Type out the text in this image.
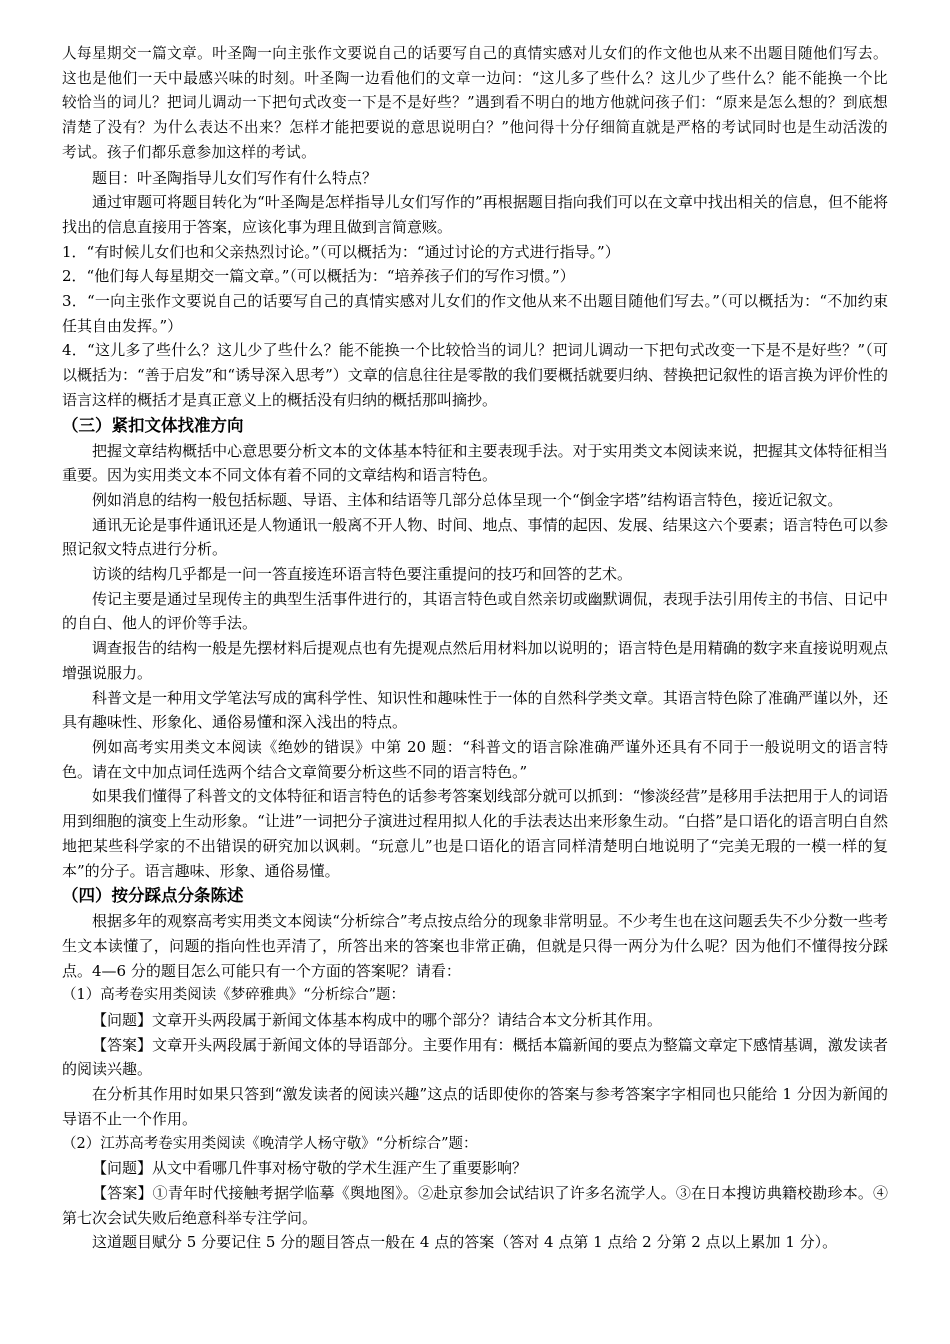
人每星期交一篇文章。叶圣陶一向主张作文要说自己的话要写自己的真情实感对儿女们的作文他也从来不出题目随他们写去。这也是他们一天中最感兴味的时刻。叶圣陶一边看他们的文章一边问：“这儿多了些什么？这儿少了些什么？能不能换一个比较恰当的词儿？把词儿调动一下把句式改变一下是不是好些？”遇到看不明白的地方他就问孩子们：“原来是怎么想的？到底想清楚了没有？为什么表达不出来？怎样才能把要说的意思说明白？”他问得十分仔细简直就是严格的考试同时也是生动活泼的考试。孩子们都乐意参加这样的考试。

题目：叶圣陶指导儿女们写作有什么特点？

通过审题可将题目转化为“叶圣陶是怎样指导儿女们写作的”再根据题目指向我们可以在文章中找出相关的信息，但不能将找出的信息直接用于答案，应该化事为理且做到言简意赅。

1．“有时候儿女们也和父亲热烈讨论。”（可以概括为：“通过讨论的方式进行指导。”）

2．“他们每人每星期交一篇文章。”（可以概括为：“培养孩子们的写作习惯。”）

3．“一向主张作文要说自己的话要写自己的真情实感对儿女们的作文他从来不出题目随他们写去。”（可以概括为：“不加约束任其自由发挥。”）

4．“这儿多了些什么？这儿少了些什么？能不能换一个比较恰当的词儿？把词儿调动一下把句式改变一下是不是好些？”（可以概括为：“善于启发”和“诱导深入思考”）文章的信息往往是零散的我们要概括就要归纳、替换把记叙性的语言换为评价性的语言这样的概括才是真正意义上的概括没有归纳的概括那叫摘抄。

（三）紧扣文体找准方向

把握文章结构概括中心意思要分析文本的文体基本特征和主要表现手法。对于实用类文本阅读来说，把握其文体特征相当重要。因为实用类文本不同文体有着不同的文章结构和语言特色。

例如消息的结构一般包括标题、导语、主体和结语等几部分总体呈现一个“倒金字塔”结构语言特色，接近记叙文。

通讯无论是事件通讯还是人物通讯一般离不开人物、时间、地点、事情的起因、发展、结果这六个要素；语言特色可以参照记叙文特点进行分析。

访谈的结构几乎都是一问一答直接连环语言特色要注重提问的技巧和回答的艺术。

传记主要是通过呈现传主的典型生活事件进行的，其语言特色或自然亲切或幽默调侃，表现手法引用传主的书信、日记中的自白、他人的评价等手法。

调查报告的结构一般是先摆材料后提观点也有先提观点然后用材料加以说明的；语言特色是用精确的数字来直接说明观点增强说服力。

科普文是一种用文学笔法写成的寓科学性、知识性和趣味性于一体的自然科学类文章。其语言特色除了准确严谨以外，还具有趣味性、形象化、通俗易懂和深入浅出的特点。

例如高考实用类文本阅读《绝妙的错误》中第 20 题：“科普文的语言除准确严谨外还具有不同于一般说明文的语言特色。请在文中加点词任选两个结合文章简要分析这些不同的语言特色。”

如果我们懂得了科普文的文体特征和语言特色的话参考答案划线部分就可以抓到：“惨淡经营”是移用手法把用于人的词语用到细胞的演变上生动形象。“让进”一词把分子演进过程用拟人化的手法表达出来形象生动。“白搭”是口语化的语言明白自然地把某些科学家的不出错误的研究加以讽刺。“玩意儿”也是口语化的语言同样清楚明白地说明了“完美无瑕的一模一样的复本”的分子。语言趣味、形象、通俗易懂。

（四）按分踩点分条陈述

根据多年的观察高考实用类文本阅读“分析综合”考点按点给分的现象非常明显。不少考生也在这问题丢失不少分数一些考生文本读懂了，问题的指向性也弄清了，所答出来的答案也非常正确，但就是只得一两分为什么呢？因为他们不懂得按分踩点。4—6 分的题目怎么可能只有一个方面的答案呢？请看：

（1）高考卷实用类阅读《梦碎雅典》“分析综合”题：

【问题】文章开头两段属于新闻文体基本构成中的哪个部分？请结合本文分析其作用。

【答案】文章开头两段属于新闻文体的导语部分。主要作用有：概括本篇新闻的要点为整篇文章定下感情基调，激发读者的阅读兴趣。

在分析其作用时如果只答到“激发读者的阅读兴趣”这点的话即使你的答案与参考答案字字相同也只能给 1 分因为新闻的导语不止一个作用。

（2）江苏高考卷实用类阅读《晚清学人杨守敬》“分析综合”题：

【问题】从文中看哪几件事对杨守敬的学术生涯产生了重要影响？

【答案】①青年时代接触考据学临摹《舆地图》。②赴京参加会试结识了许多名流学人。③在日本搜访典籍校勘珍本。④第七次会试失败后绝意科举专注学问。

这道题目赋分 5 分要记住 5 分的题目答点一般在 4 点的答案（答对 4 点第 1 点给 2 分第 2 点以上累加 1 分）。
